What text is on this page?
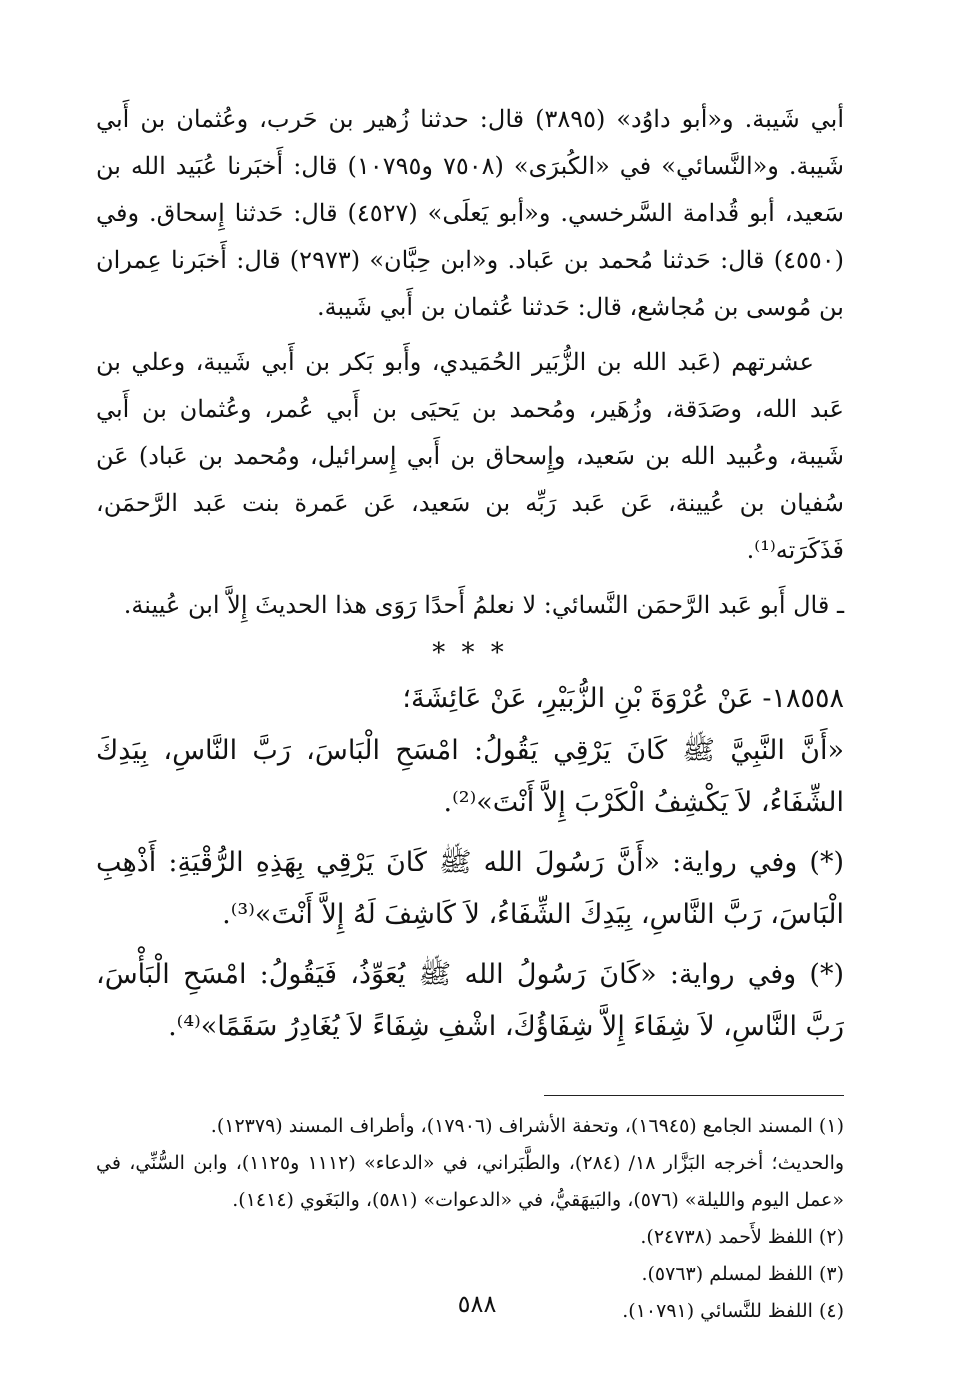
أبي شَيبة. و«أبو داوُد» (٣٨٩٥) قال: حدثنا زُهير بن حَرب، وعُثمان بن أَبي شَيبة. و«النَّسائي» في «الكُبرَى» (٧٥٠٨ و١٠٧٩٥) قال: أَخبَرنا عُبَيد الله بن سَعيد، أبو قُدامة السَّرخسي. و«أبو يَعلَى» (٤٥٢٧) قال: حَدثنا إِسحاق. وفي (٤٥٥٠) قال: حَدثنا مُحمد بن عَباد. و«ابن حِبَّان» (٢٩٧٣) قال: أَخبَرنا عِمران بن مُوسى بن مُجاشع، قال: حَدثنا عُثمان بن أَبي شَيبة.

عشرتهم (عَبد الله بن الزُّبَير الحُمَيدي، وأَبو بَكر بن أَبي شَيبة، وعلي بن عَبد الله، وصَدَقة، وزُهَير، ومُحمد بن يَحيَى بن أَبي عُمر، وعُثمان بن أَبي شَيبة، وعُبيد الله بن سَعيد، وإِسحاق بن أَبي إِسرائيل، ومُحمد بن عَباد) عَن سُفيان بن عُيينة، عَن عَبد رَبِّه بن سَعيد، عَن عَمرة بنت عَبد الرَّحمَن، فَذَكَرَته⁽¹⁾.

ـ قال أَبو عَبد الرَّحمَن النَّسائي: لا نعلمُ أَحدًا رَوَى هذا الحديثَ إِلاَّ ابن عُيينة.

* * *

١٨٥٥٨- عَنْ عُرْوَةَ بْنِ الزُّبَيْرِ، عَنْ عَائِشَةَ؛

«أَنَّ النَّبِيَّ ﷺ كَانَ يَرْقِي يَقُولُ: امْسَحِ الْبَاسَ، رَبَّ النَّاسِ، بِيَدِكَ الشِّفَاءُ، لاَ يَكْشِفُ الْكَرْبَ إِلاَّ أَنْتَ»⁽²⁾.

(*) وفي رواية: «أَنَّ رَسُولَ الله ﷺ كَانَ يَرْقِي بِهَذِهِ الرُّقْيَةِ: أَذْهِبِ الْبَاسَ، رَبَّ النَّاسِ، بِيَدِكَ الشِّفَاءُ، لاَ كَاشِفَ لَهُ إِلاَّ أَنْتَ»⁽³⁾.

(*) وفي رواية: «كَانَ رَسُولُ الله ﷺ يُعَوِّذُ، فَيَقُولُ: امْسَحِ الْبَأْسَ، رَبَّ النَّاسِ، لاَ شِفَاءَ إِلاَّ شِفَاؤُكَ، اشْفِ شِفَاءً لاَ يُغَادِرُ سَقَمًا»⁽⁴⁾.

(١) المسند الجامع (١٦٩٤٥)، وتحفة الأشراف (١٧٩٠٦)، وأطراف المسند (١٢٣٧٩).

والحديث؛ أخرجه البَزَّار ١٨/ (٢٨٤)، والطَّبَراني، في «الدعاء» (١١١٢ و١١٢٥)، وابن السُّنِّي، في «عمل اليوم والليلة» (٥٧٦)، والبَيهَقيُّ، في «الدعوات» (٥٨١)، والبَغَوي (١٤١٤).

(٢) اللفظ لأَحمد (٢٤٧٣٨).

(٣) اللفظ لمسلم (٥٧٦٣).

(٤) اللفظ للنَّسائي (١٠٧٩١).

٥٨٨
